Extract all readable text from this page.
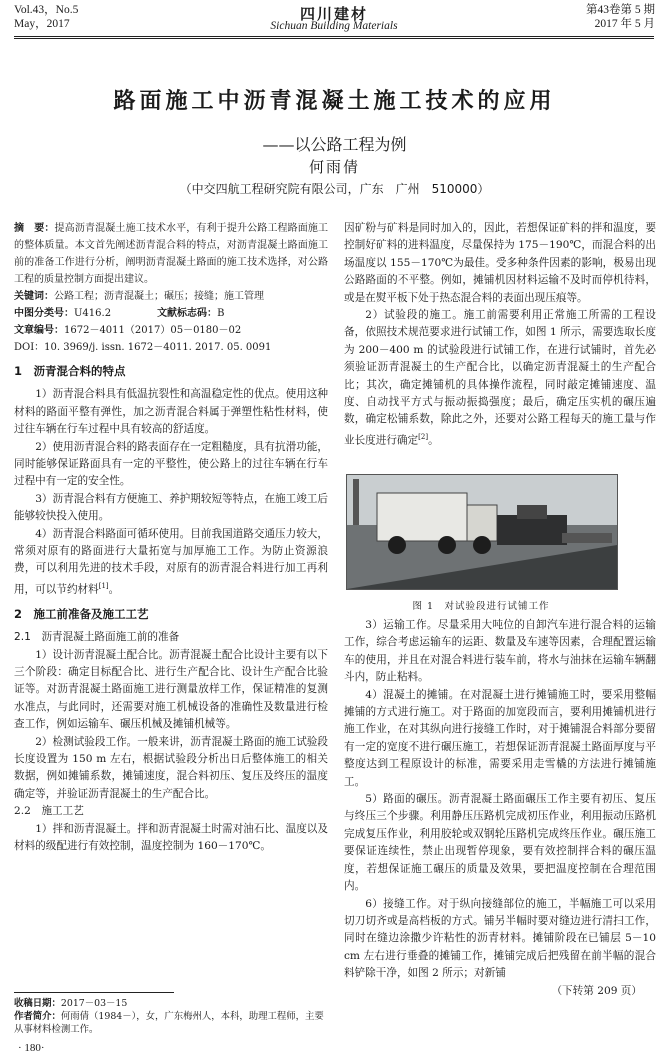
Vol.43，No.5
May，2017
四川建材
Sichuan Building Materials
第43卷第 5 期
2017 年 5 月
路面施工中沥青混凝土施工技术的应用
——以公路工程为例
何雨倩
（中交四航工程研究院有限公司，广东　广州　510000）

摘　要：提高沥青混凝土施工技术水平，有利于提升公路工程路面施工的整体质量。本文首先阐述沥青混合料的特点，对沥青混凝土路面施工前的准备工作进行分析，阐明沥青混凝土路面的施工技术选择，对公路工程的质量控制方面提出建议。

关键词：公路工程；沥青混凝土；碾压；接缝；施工管理

中图分类号：U416.2	文献标志码：B

文章编号：1672－4011（2017）05－0180－02

DOI：10. 3969/j. issn. 1672－4011. 2017. 05. 0091

1　沥青混合料的特点

1）沥青混合料具有低温抗裂性和高温稳定性的优点。使用这种材料的路面平整有弹性，加之沥青混合料属于弹塑性粘性材料，使过往车辆在行车过程中具有较高的舒适度。

2）使用沥青混合料的路表面存在一定粗糙度，具有抗滑功能，同时能够保证路面具有一定的平整性，使公路上的过往车辆在行车过程中有一定的安全性。

3）沥青混合料有方便施工、养护期较短等特点，在施工竣工后能够较快投入使用。

4）沥青混合料路面可循环使用。目前我国道路交通压力较大，常须对原有的路面进行大量拓宽与加厚施工工作。为防止资源浪费，可以利用先进的技术手段，对原有的沥青混合料进行加工再利用，可以节约材料[1]。

2　施工前准备及施工工艺

2.1　沥青混凝土路面施工前的准备

1）设计沥青混凝土配合比。沥青混凝土配合比设计主要有以下三个阶段：确定目标配合比、进行生产配合比、设计生产配合比验证等。对沥青混凝土路面施工进行测量放样工作，保证精准的复测水准点，与此同时，还需要对施工机械设备的准确性及数量进行检查工作，例如运输车、碾压机械及摊铺机械等。

2）检测试验段工作。一般来讲，沥青混凝土路面的施工试验段长度设置为 150 m 左右，根据试验段分析出日后整体施工的相关数据，例如摊铺系数，摊铺速度，混合料初压、复压及终压的温度确定等，并验证沥青混凝土的生产配合比。

2.2　施工工艺

1）拌和沥青混凝土。拌和沥青混凝土时需对油石比、温度以及材料的级配进行有效控制，温度控制为 160－170℃。

收稿日期：2017－03－15
作者简介：何雨倩（1984－），女，广东梅州人，本科，助理工程师，主要从事材料检测工作。
· 180·

因矿粉与矿料是同时加入的，因此，若想保证矿料的拌和温度，要控制好矿料的进料温度，尽量保持为 175－190℃，而混合料的出场温度以 155－170℃为最佳。受多种条件因素的影响，极易出现公路路面的不平整。例如，摊铺机因材料运输不及时而停机待料，或是在熨平板下处于热态混合料的表面出现压痕等。

2）试验段的施工。施工前需要利用正常施工所需的工程设备，依照技术规范要求进行试铺工作，如图 1 所示，需要选取长度为 200－400 m 的试验段进行试铺工作，在进行试铺时，首先必须验证沥青混凝土的生产配合比，以确定沥青混凝土的生产配合比；其次，确定摊铺机的具体操作流程，同时敲定摊铺速度、温度、自动找平方式与振动振捣强度；最后，确定压实机的碾压遍数，确定松铺系数，除此之外，还要对公路工程每天的施工量与作业长度进行确定[2]。

图 1　对试验段进行试铺工作

3）运输工作。尽量采用大吨位的自卸汽车进行混合料的运输工作，综合考虑运输车的运距、数量及车速等因素，合理配置运输车的使用，并且在对混合料进行装车前，将水与油抹在运输车辆翻斗内，防止粘料。

4）混凝土的摊铺。在对混凝土进行摊铺施工时，要采用整幅摊铺的方式进行施工。对于路面的加宽段而言，要利用摊铺机进行施工作业，在对其纵向进行接缝工作时，对于摊铺混合料部分要留有一定的宽度不进行碾压施工，若想保证沥青混凝土路面厚度与平整度达到工程原设计的标准，需要采用走雪橇的方法进行摊铺施工。

5）路面的碾压。沥青混凝土路面碾压工作主要有初压、复压与终压三个步骤。利用静压压路机完成初压作业，利用振动压路机完成复压作业，利用胶轮或双钢轮压路机完成终压作业。碾压施工要保证连续性，禁止出现暂停现象，要有效控制拌合料的碾压温度，若想保证施工碾压的质量及效果，要把温度控制在合理范围内。

6）接缝工作。对于纵向接缝部位的施工，半幅施工可以采用切刀切齐或是高档板的方式。铺另半幅时要对缝边进行清扫工作，同时在缝边涂撒少许粘性的沥青材料。摊铺阶段在已铺层 5－10 cm 左右进行垂叠的摊铺工作，摊铺完成后把残留在前半幅的混合料铲除干净，如图 2 所示；对新铺

（下转第 209 页）
